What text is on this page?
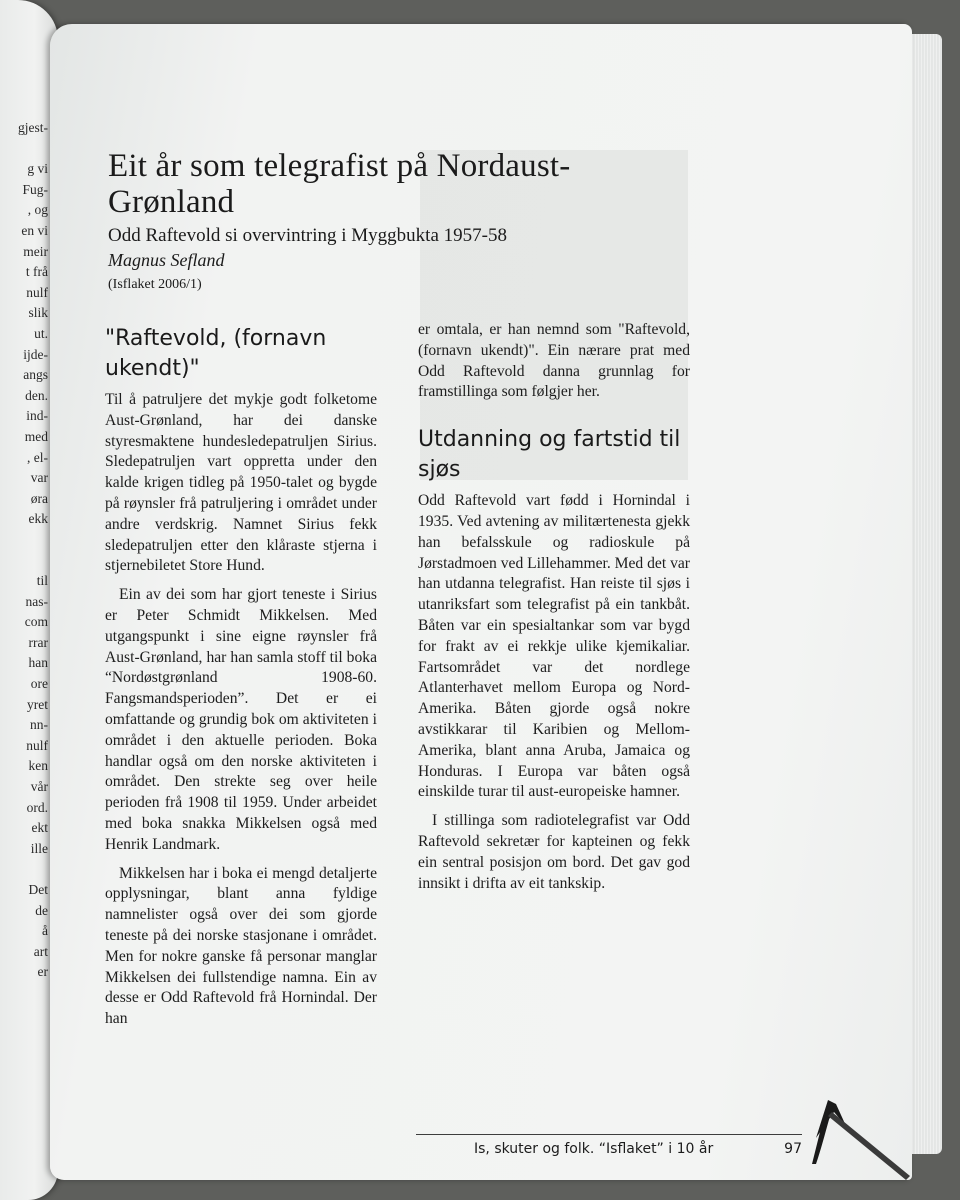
gjest-
g vi
Fug-
, og
en vi
meir
t frå
nulf
slik
ut.
ijde-
angs
den.
ind-
med
, el-
var
øra
ekk
til
nas-
com
rrar
han
ore
yret
nn-
nulf
ken
vår
ord.
ekt
ille
Det
de
å
art
er
Eit år som telegrafist på Nordaust-Grønland
Odd Raftevold si overvintring i Myggbukta 1957-58
Magnus Sefland
(Isflaket 2006/1)
"Raftevold, (fornavn ukendt)"

Til å patruljere det mykje godt folketome Aust-Grønland, har dei danske styresmaktene hundesledepatruljen Sirius. Sledepatruljen vart oppretta under den kalde krigen tidleg på 1950-talet og bygde på røynsler frå patruljering i området under andre verdskrig. Namnet Sirius fekk sledepatruljen etter den klåraste stjerna i stjernebiletet Store Hund.

Ein av dei som har gjort teneste i Sirius er Peter Schmidt Mikkelsen. Med utgangspunkt i sine eigne røynsler frå Aust-Grønland, har han samla stoff til boka “Nordøstgrønland 1908-60. Fangsmandsperioden”. Det er ei omfattande og grundig bok om aktiviteten i området i den aktuelle perioden. Boka handlar også om den norske aktiviteten i området. Den strekte seg over heile perioden frå 1908 til 1959. Under arbeidet med boka snakka Mikkelsen også med Henrik Landmark.

Mikkelsen har i boka ei mengd detaljerte opplysningar, blant anna fyldige namnelister også over dei som gjorde teneste på dei norske stasjonane i området. Men for nokre ganske få personar manglar Mikkelsen dei fullstendige namna. Ein av desse er Odd Raftevold frå Hornindal. Der han

er omtala, er han nemnd som "Raftevold, (fornavn ukendt)". Ein nærare prat med Odd Raftevold danna grunnlag for framstillinga som følgjer her.

Utdanning og fartstid til sjøs

Odd Raftevold vart fødd i Hornindal i 1935. Ved avtening av militærtenesta gjekk han befalsskule og radioskule på Jørstadmoen ved Lillehammer. Med det var han utdanna telegrafist. Han reiste til sjøs i utanriksfart som telegrafist på ein tankbåt. Båten var ein spesialtankar som var bygd for frakt av ei rekkje ulike kjemikaliar. Fartsområdet var det nordlege Atlanterhavet mellom Europa og Nord-Amerika. Båten gjorde også nokre avstikkarar til Karibien og Mellom-Amerika, blant anna Aruba, Jamaica og Honduras. I Europa var båten også einskilde turar til aust-europeiske hamner.

I stillinga som radiotelegrafist var Odd Raftevold sekretær for kapteinen og fekk ein sentral posisjon om bord. Det gav god innsikt i drifta av eit tankskip.

Is, skuter og folk. “Isflaket” i 10 år	97
